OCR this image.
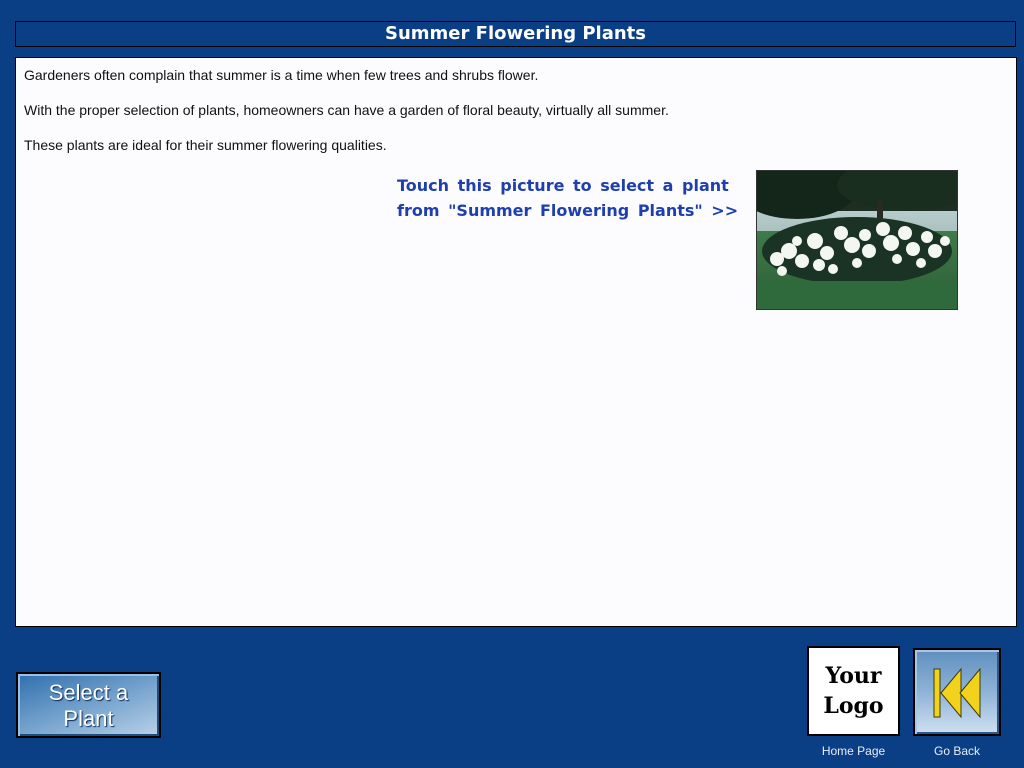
Summer Flowering Plants
Gardeners often complain that summer is a time when few trees and shrubs flower.
With the proper selection of plants, homeowners can have a garden of floral beauty, virtually all summer.
These plants are ideal for their summer flowering qualities.
Touch this picture to select a plant
from "Summer Flowering Plants" >>
Select a
Plant
Your
Logo
Home Page	Go Back
